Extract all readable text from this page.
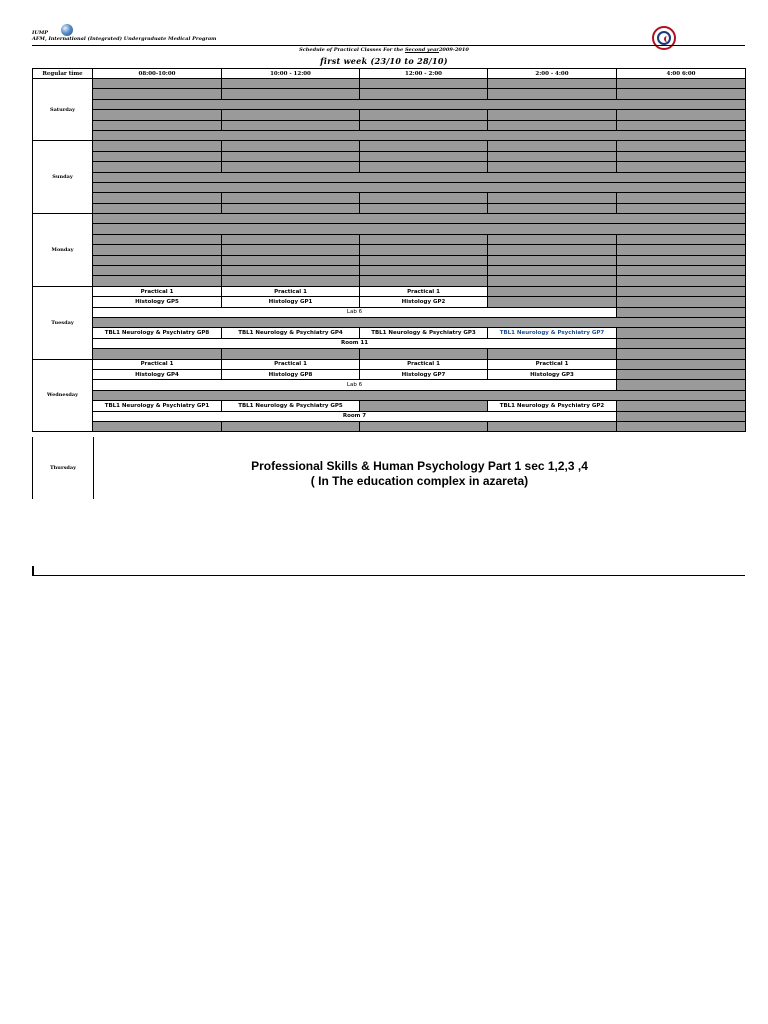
IUMP
AFM, International (Integrated) Undergraduate Medical Program
Schedule of Practical Classes For the Second year2009-2010
first week (23/10 to 28/10)
Regular time	08:00-10:00	10:00 - 12:00	12:00 - 2:00	2:00 - 4:00	4:00 6:00
Saturday					

Sunday					

Monday					

Tuesday	Practical 1	Practical 1	Practical 1		
	Histology GP5	Histology GP1	Histology GP2		
	Lab 6				

	TBL1 Neurology & Psychiatry GP8	TBL1 Neurology & Psychiatry GP4	TBL1 Neurology & Psychiatry GP3	TBL1 Neurology & Psychiatry GP7	
	Room 11				

Wednesday	Practical 1	Practical 1	Practical 1	Practical 1	
	Histology GP4	Histology GP8	Histology GP7	Histology GP3	
	Lab 6				

	TBL1 Neurology & Psychiatry GP1	TBL1 Neurology & Psychiatry GP5		TBL1 Neurology & Psychiatry GP2	
	Room 7				

Thursday	Professional Skills & Human Psychology Part 1 sec 1,2,3 ,4
( In The education complex in azareta)
